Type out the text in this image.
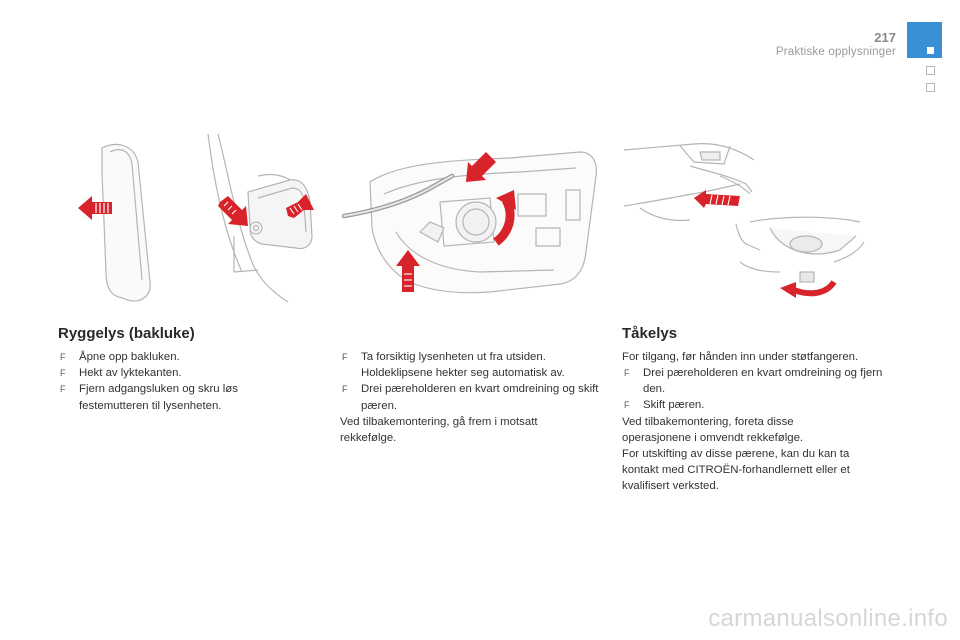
217
Praktiske opplysninger
Ryggelys (bakluke)
F Åpne opp bakluken.
F Hekt av lyktekanten.
F Fjern adgangsluken og skru løs festemutteren til lysenheten.
F Ta forsiktig lysenheten ut fra utsiden. Holdeklipsene hekter seg automatisk av.
F Drei pæreholderen en kvart omdreining og skift pæren.

Ved tilbakemontering, gå frem i motsatt rekkefølge.

Tåkelys

For tilgang, før hånden inn under støtfangeren.

F Drei pæreholderen en kvart omdreining og fjern den.
F Skift pæren.

Ved tilbakemontering, foreta disse operasjonene i omvendt rekkefølge.

For utskifting av disse pærene, kan du kan ta kontakt med CITROËN-forhandlernett eller et kvalifisert verksted.

carmanualsonline.info
